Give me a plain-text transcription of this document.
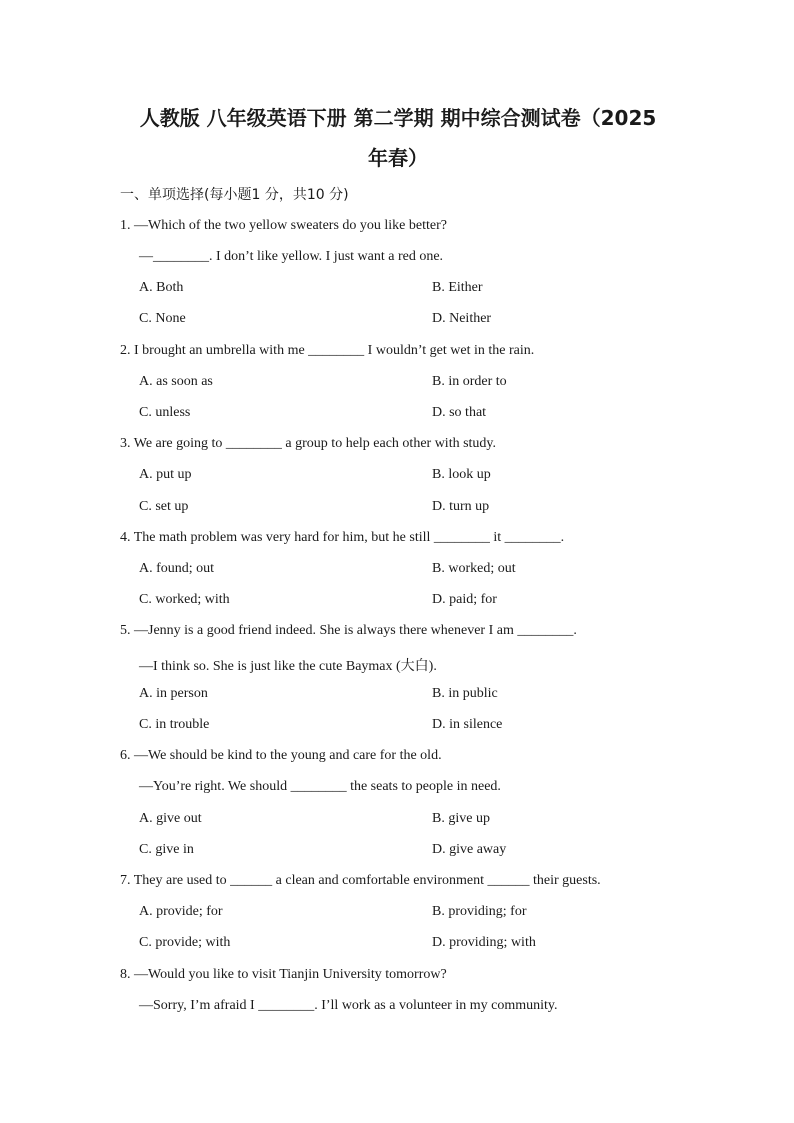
人教版 八年级英语下册 第二学期 期中综合测试卷（2025
年春）
一、单项选择(每小题1 分，共10 分)
1. —Which of the two yellow sweaters do you like better?
—________. I don’t like yellow. I just want a red one.
A. Both	B. Either
C. None	D. Neither
2. I brought an umbrella with me ________ I wouldn’t get wet in the rain.
A. as soon as	B. in order to
C. unless	D. so that
3. We are going to ________ a group to help each other with study.
A. put up	B. look up
C. set up	D. turn up
4. The math problem was very hard for him, but he still ________ it ________.
A. found; out	B. worked; out
C. worked; with	D. paid; for
5. —Jenny is a good friend indeed. She is always there whenever I am ________.
—I think so. She is just like the cute Baymax (大白).
A. in person	B. in public
C. in trouble	D. in silence
6. —We should be kind to the young and care for the old.
—You’re right. We should ________ the seats to people in need.
A. give out	B. give up
C. give in	D. give away
7. They are used to ______ a clean and comfortable environment ______ their guests.
A. provide; for	B. providing; for
C. provide; with	D. providing; with
8. —Would you like to visit Tianjin University tomorrow?
—Sorry, I’m afraid I ________. I’ll work as a volunteer in my community.
